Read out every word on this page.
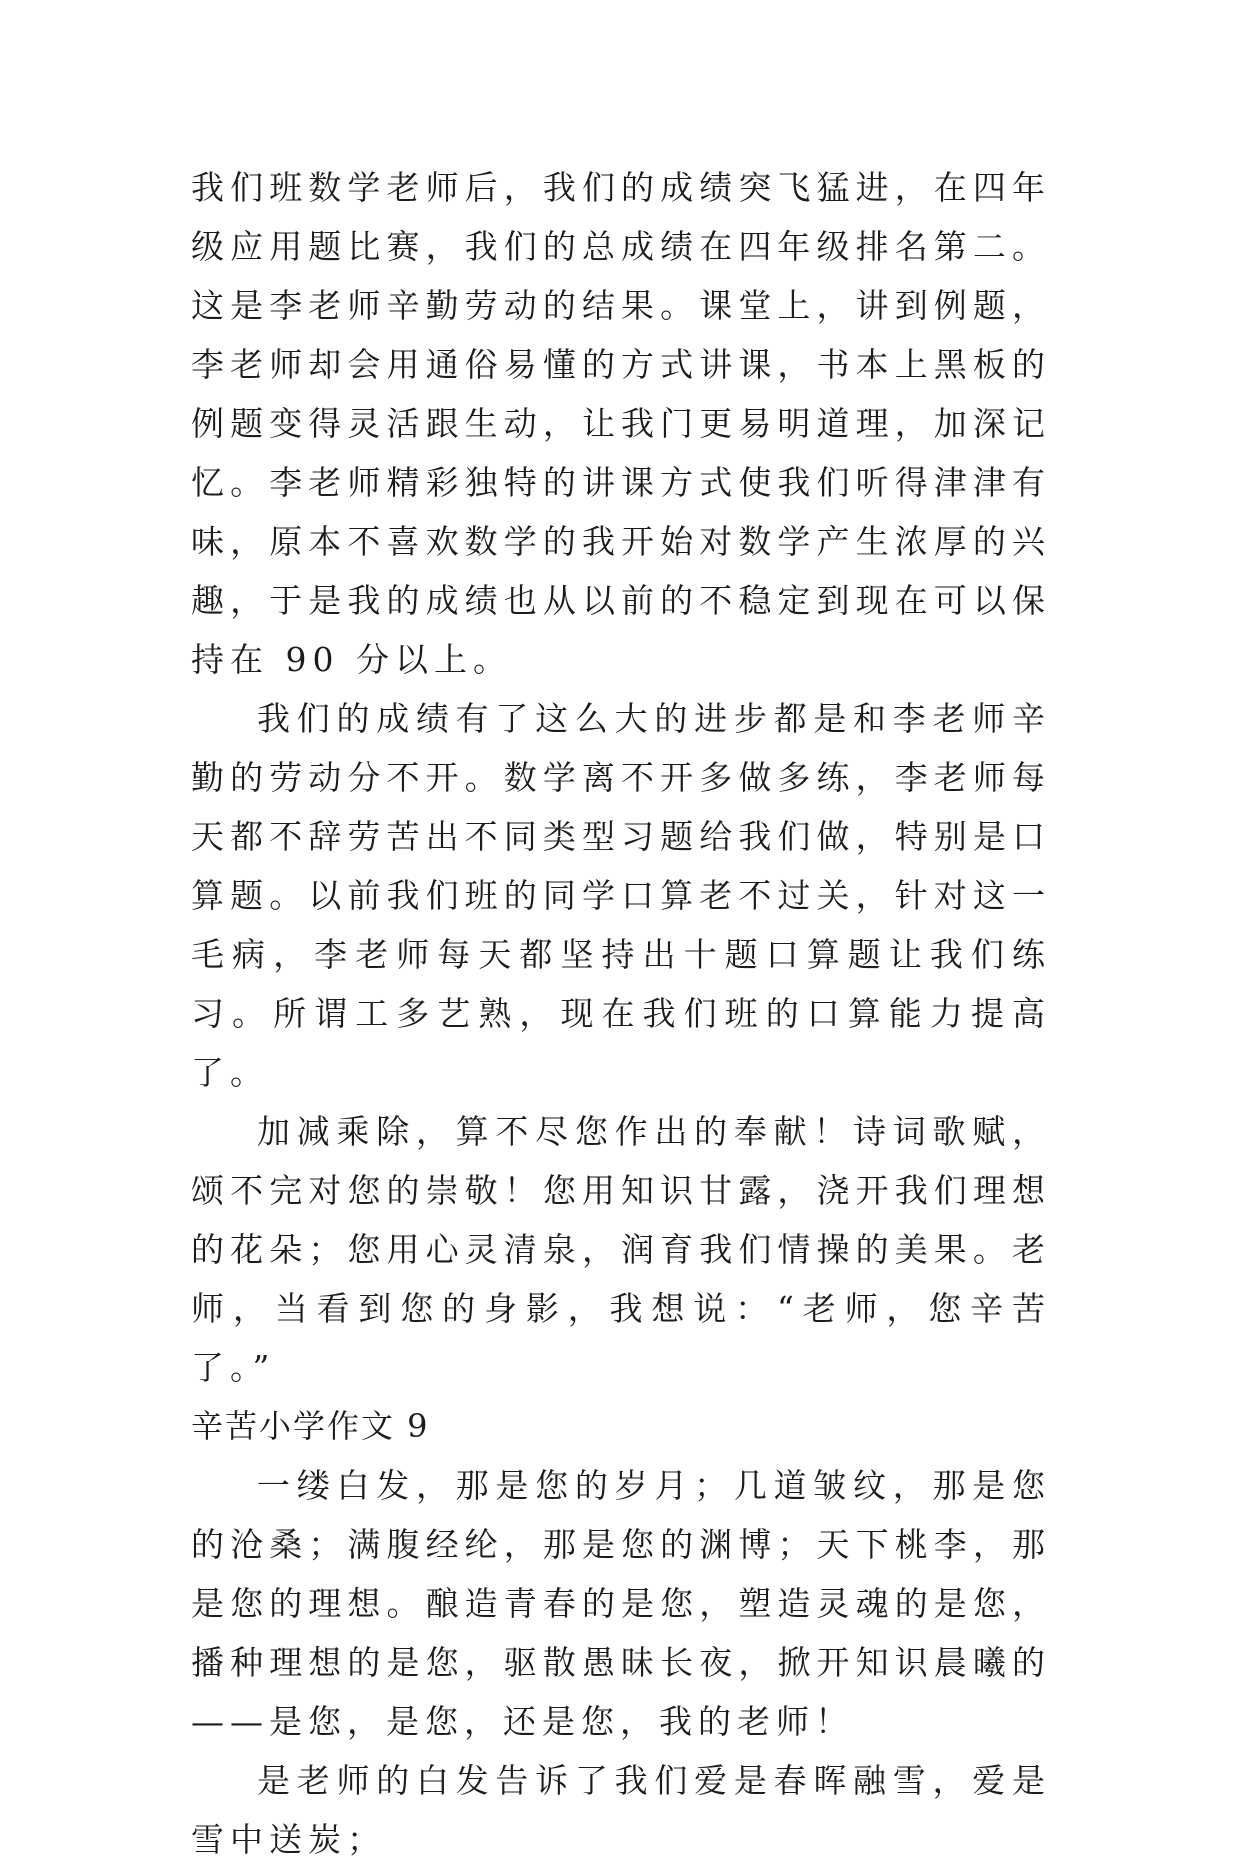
我们班数学老师后，我们的成绩突飞猛进，在四年级应用题比赛，我们的总成绩在四年级排名第二。这是李老师辛勤劳动的结果。课堂上，讲到例题，李老师却会用通俗易懂的方式讲课，书本上黑板的例题变得灵活跟生动，让我门更易明道理，加深记忆。李老师精彩独特的讲课方式使我们听得津津有味，原本不喜欢数学的我开始对数学产生浓厚的兴趣，于是我的成绩也从以前的不稳定到现在可以保持在 90 分以上。

我们的成绩有了这么大的进步都是和李老师辛勤的劳动分不开。数学离不开多做多练，李老师每天都不辞劳苦出不同类型习题给我们做，特别是口算题。以前我们班的同学口算老不过关，针对这一毛病，李老师每天都坚持出十题口算题让我们练习。所谓工多艺熟，现在我们班的口算能力提高了。

加减乘除，算不尽您作出的奉献！诗词歌赋，颂不完对您的崇敬！您用知识甘露，浇开我们理想的花朵；您用心灵清泉，润育我们情操的美果。老师，当看到您的身影，我想说：“老师，您辛苦了。”

辛苦小学作文 9

一缕白发，那是您的岁月；几道皱纹，那是您的沧桑；满腹经纶，那是您的渊博；天下桃李，那是您的理想。酿造青春的是您，塑造灵魂的是您，播种理想的是您，驱散愚昧长夜，掀开知识晨曦的——是您，是您，还是您，我的老师！

是老师的白发告诉了我们爱是春晖融雪，爱是雪中送炭；
